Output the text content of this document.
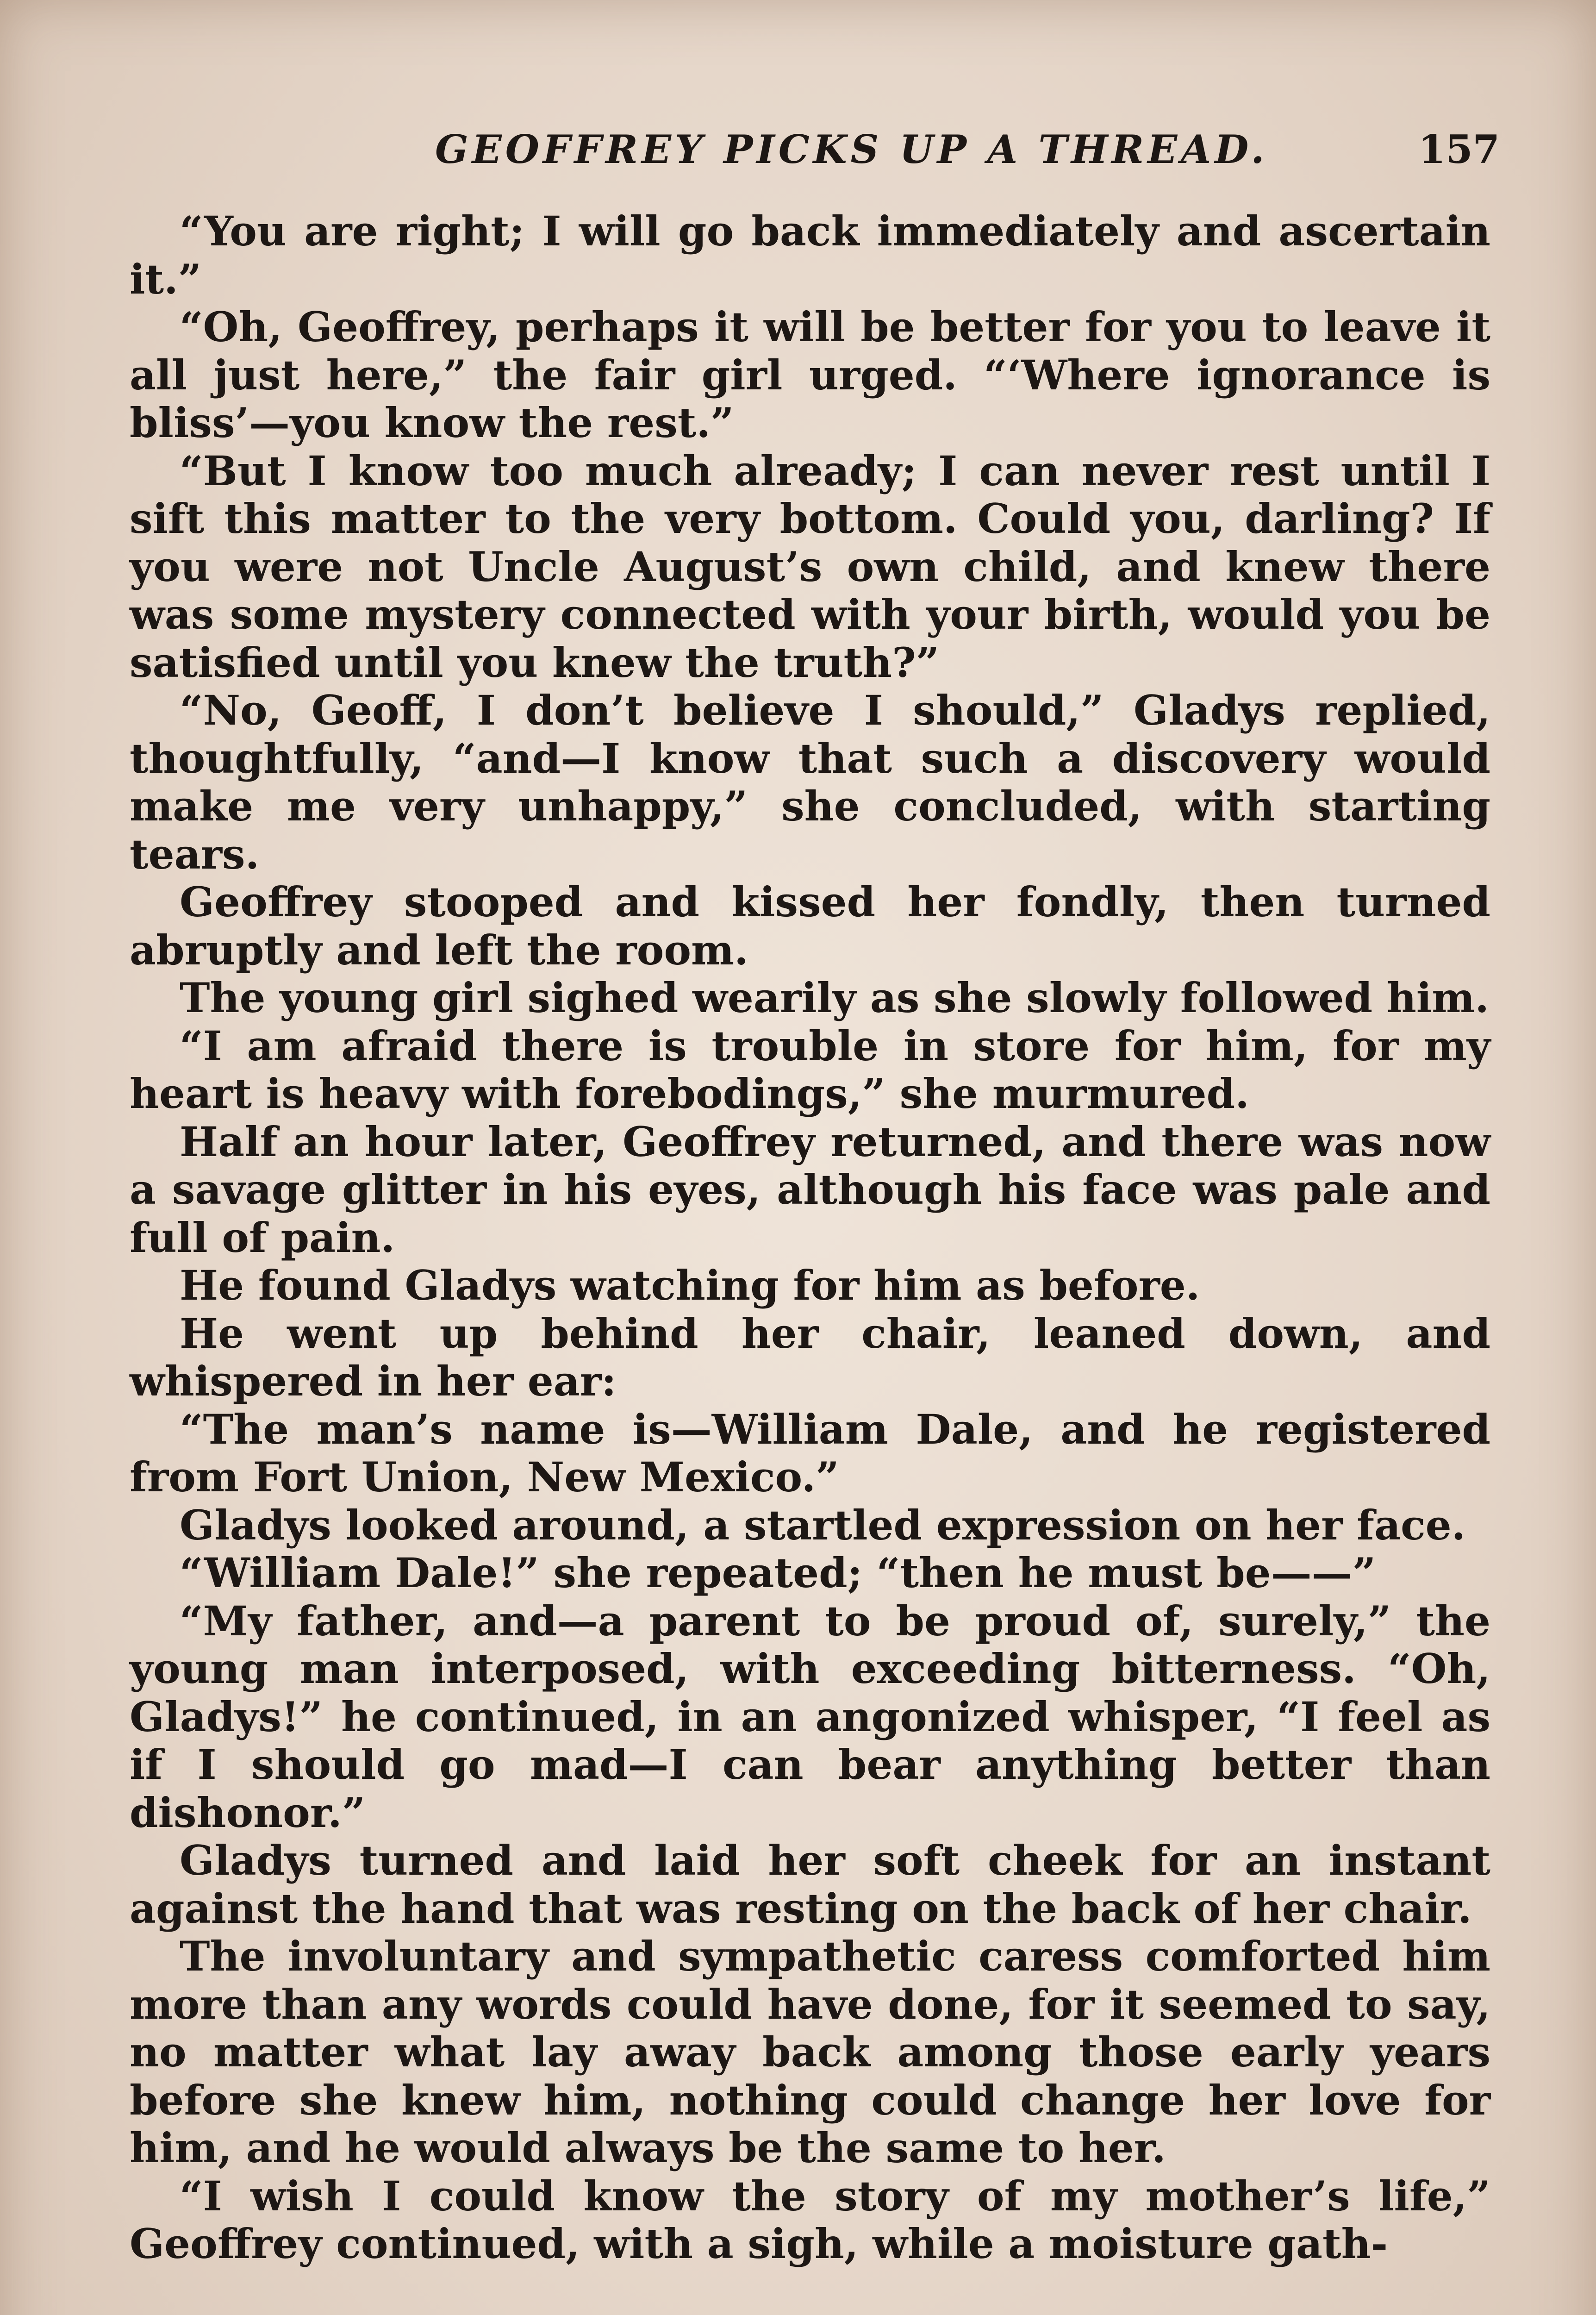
GEOFFREY PICKS UP A THREAD.	157

“You are right; I will go back immediately and ascertain it.”

“Oh, Geoffrey, perhaps it will be better for you to leave it all just here,” the fair girl urged. “‘Where ignorance is bliss’—you know the rest.”

“But I know too much already; I can never rest until I sift this matter to the very bottom. Could you, darling? If you were not Uncle August’s own child, and knew there was some mystery connected with your birth, would you be satisfied until you knew the truth?”

“No, Geoff, I don’t believe I should,” Gladys replied, thoughtfully, “and—I know that such a discovery would make me very unhappy,” she concluded, with starting tears.

Geoffrey stooped and kissed her fondly, then turned abruptly and left the room.

The young girl sighed wearily as she slowly followed him.

“I am afraid there is trouble in store for him, for my heart is heavy with forebodings,” she murmured.

Half an hour later, Geoffrey returned, and there was now a savage glitter in his eyes, although his face was pale and full of pain.

He found Gladys watching for him as before.

He went up behind her chair, leaned down, and whispered in her ear:

“The man’s name is—William Dale, and he registered from Fort Union, New Mexico.”

Gladys looked around, a startled expression on her face.

“William Dale!” she repeated; “then he must be——”

“My father, and—a parent to be proud of, surely,” the young man interposed, with exceeding bitterness. “Oh, Gladys!” he continued, in an angonized whisper, “I feel as if I should go mad—I can bear anything better than dishonor.”

Gladys turned and laid her soft cheek for an instant against the hand that was resting on the back of her chair.

The involuntary and sympathetic caress comforted him more than any words could have done, for it seemed to say, no matter what lay away back among those early years before she knew him, nothing could change her love for him, and he would always be the same to her.

“I wish I could know the story of my mother’s life,” Geoffrey continued, with a sigh, while a moisture gath-
